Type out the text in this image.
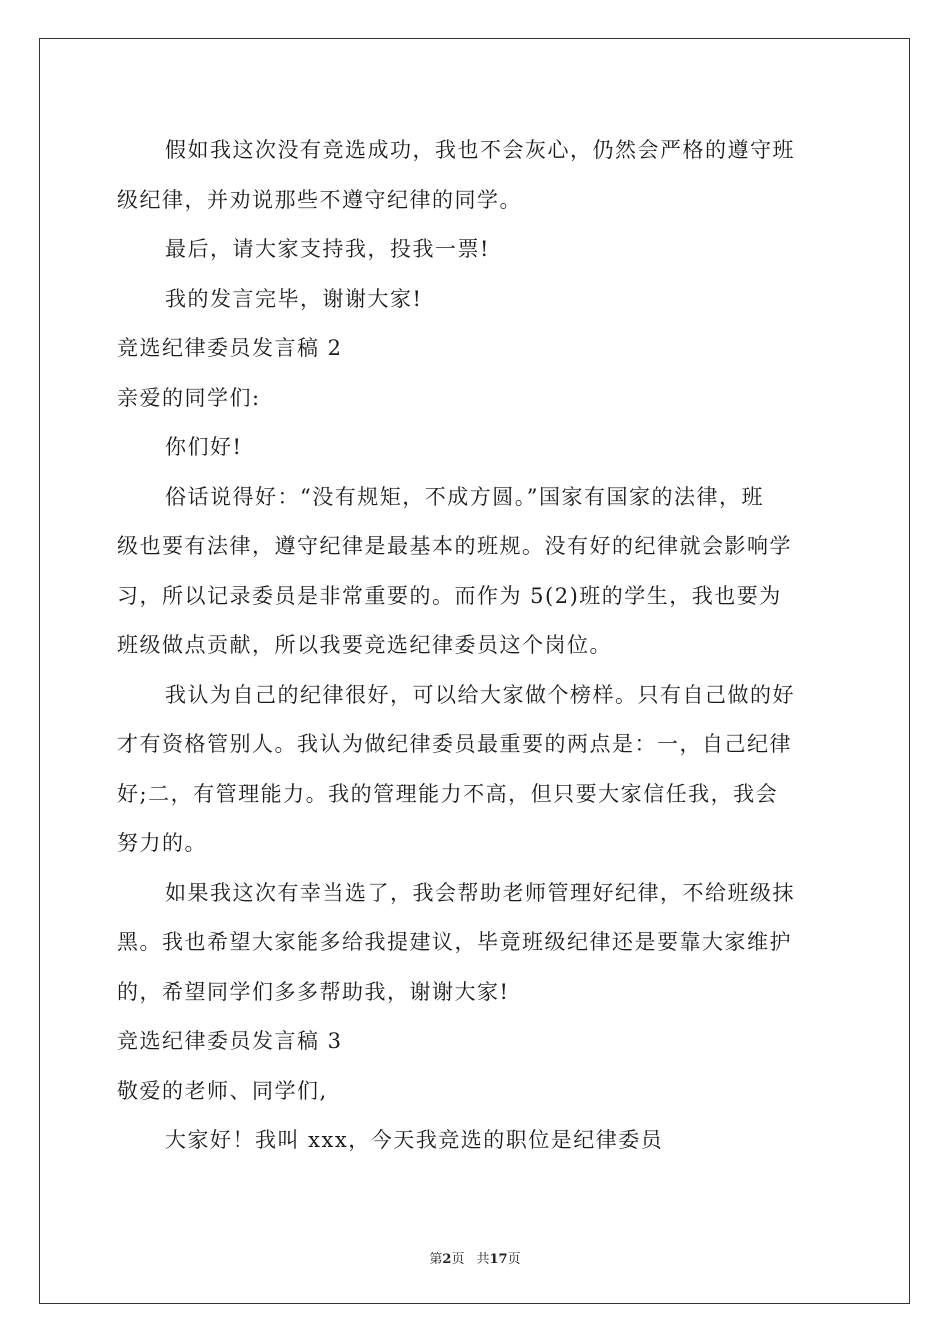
假如我这次没有竞选成功，我也不会灰心，仍然会严格的遵守班
级纪律，并劝说那些不遵守纪律的同学。
最后，请大家支持我，投我一票!
我的发言完毕，谢谢大家!
竞选纪律委员发言稿 2
亲爱的同学们:
你们好!
俗话说得好：“没有规矩，不成方圆。”国家有国家的法律，班
级也要有法律，遵守纪律是最基本的班规。没有好的纪律就会影响学
习，所以记录委员是非常重要的。而作为 5(2)班的学生，我也要为
班级做点贡献，所以我要竞选纪律委员这个岗位。
我认为自己的纪律很好，可以给大家做个榜样。只有自己做的好
才有资格管别人。我认为做纪律委员最重要的两点是：一，自己纪律
好;二，有管理能力。我的管理能力不高，但只要大家信任我，我会
努力的。
如果我这次有幸当选了，我会帮助老师管理好纪律，不给班级抹
黑。我也希望大家能多给我提建议，毕竟班级纪律还是要靠大家维护
的，希望同学们多多帮助我，谢谢大家!
竞选纪律委员发言稿 3
敬爱的老师、同学们,
大家好！我叫 xxx，今天我竞选的职位是纪律委员
第2页 共17页
